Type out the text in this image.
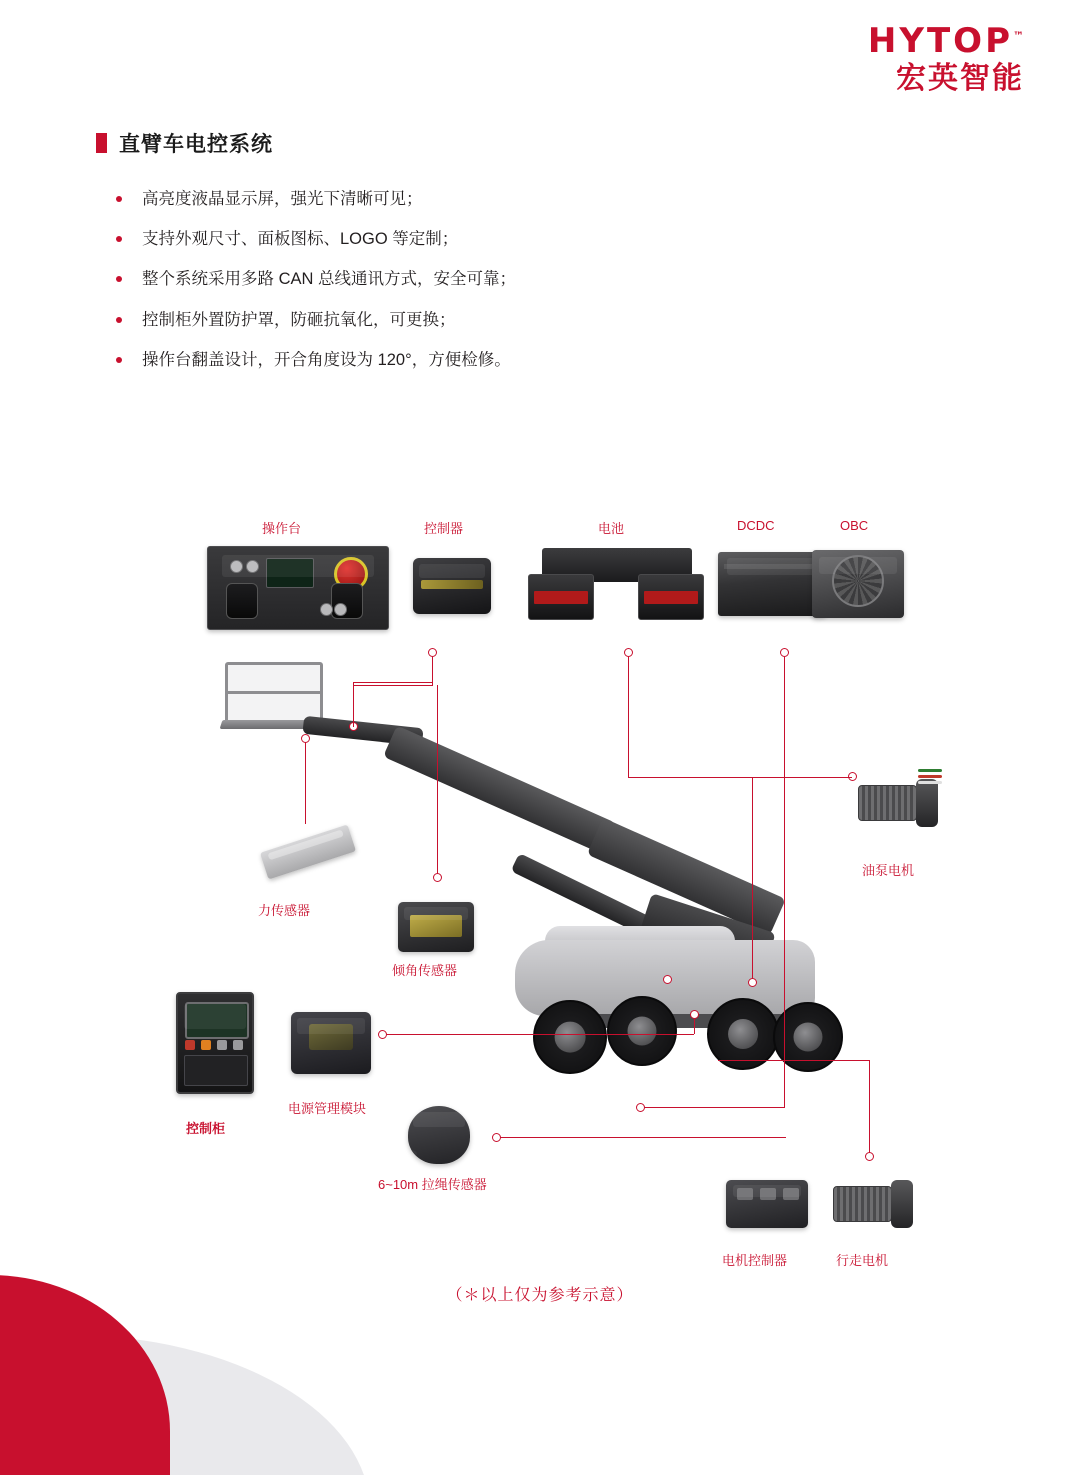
HYTOP™
宏英智能
直臂车电控系统
高亮度液晶显示屏，强光下清晰可见；
支持外观尺寸、面板图标、LOGO 等定制；
整个系统采用多路 CAN 总线通讯方式，安全可靠；
控制柜外置防护罩，防砸抗氧化，可更换；
操作台翻盖设计，开合角度设为 120°，方便检修。
操作台	控制器	电池	DCDC	OBC
力传感器
倾角传感器
油泵电机
控制柜
电源管理模块
6~10m 拉绳传感器
电机控制器	行走电机
（＊以上仅为参考示意）
